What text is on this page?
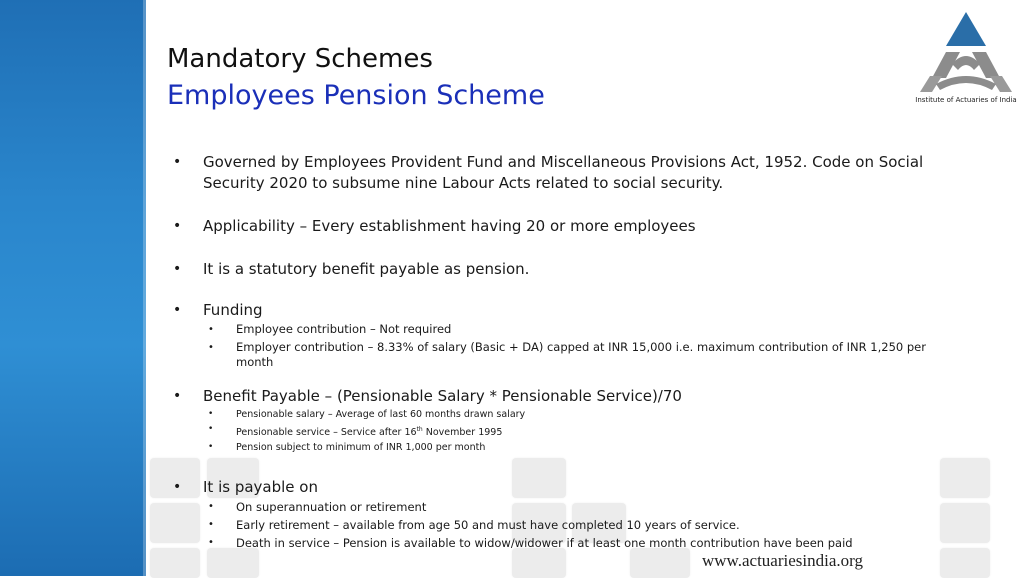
Mandatory Schemes
Employees Pension Scheme	Institute of Actuaries of India
• Governed by Employees Provident Fund and Miscellaneous Provisions Act, 1952. Code on Social Security 2020 to subsume nine Labour Acts related to social security.
• Applicability – Every establishment having 20 or more employees
• It is a statutory benefit payable as pension.
• Funding
• Employee contribution – Not required
• Employer contribution – 8.33% of salary (Basic + DA) capped at INR 15,000 i.e. maximum contribution of INR 1,250 per month
• Benefit Payable – (Pensionable Salary * Pensionable Service)/70
• Pensionable salary – Average of last 60 months drawn salary
• Pensionable service – Service after 16th November 1995
• Pension subject to minimum of INR 1,000 per month
• It is payable on
• On superannuation or retirement
• Early retirement – available from age 50 and must have completed 10 years of service.
• Death in service – Pension is available to widow/widower if at least one month contribution have been paid
www.actuariesindia.org
